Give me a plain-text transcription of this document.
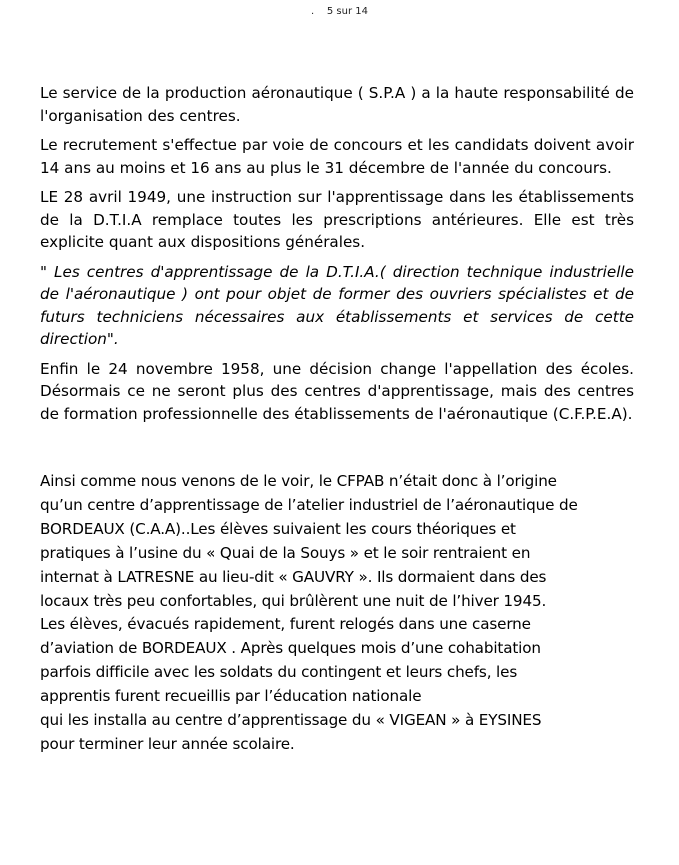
.    5 sur 14

Le service de la production aéronautique ( S.P.A ) a la haute responsabilité de l'organisation des centres.

Le recrutement s'effectue par voie de concours et les candidats doivent avoir 14 ans au moins et 16 ans au plus le 31 décembre de l'année du concours.

LE 28 avril 1949, une instruction sur l'apprentissage dans les établissements de la D.T.I.A remplace toutes les prescriptions antérieures. Elle est très explicite quant aux dispositions générales.

" Les centres d'apprentissage de la D.T.I.A.( direction technique industrielle de l'aéronautique ) ont pour objet de former des ouvriers spécialistes et de futurs techniciens nécessaires aux établissements et services de cette direction".

Enfin le 24 novembre 1958, une décision change l'appellation des écoles. Désormais ce ne seront plus des centres d'apprentissage, mais des centres de formation professionnelle des établissements de l'aéronautique (C.F.P.E.A).

Ainsi comme nous venons de le voir, le CFPAB n’était donc à l’origine

qu’un centre d’apprentissage de l’atelier industriel de l’aéronautique de

BORDEAUX (C.A.A)..Les élèves suivaient les cours théoriques et

pratiques à l’usine du « Quai de la Souys » et le soir rentraient en

internat à LATRESNE au lieu-dit « GAUVRY ». Ils dormaient dans des

locaux très peu confortables, qui brûlèrent une nuit de l’hiver 1945.

Les élèves, évacués rapidement, furent relogés dans une caserne

d’aviation de BORDEAUX . Après quelques mois d’une cohabitation

parfois difficile avec les soldats du contingent et leurs chefs, les

apprentis furent recueillis par l’éducation nationale

qui les installa au centre d’apprentissage du « VIGEAN » à EYSINES

pour terminer leur année scolaire.
